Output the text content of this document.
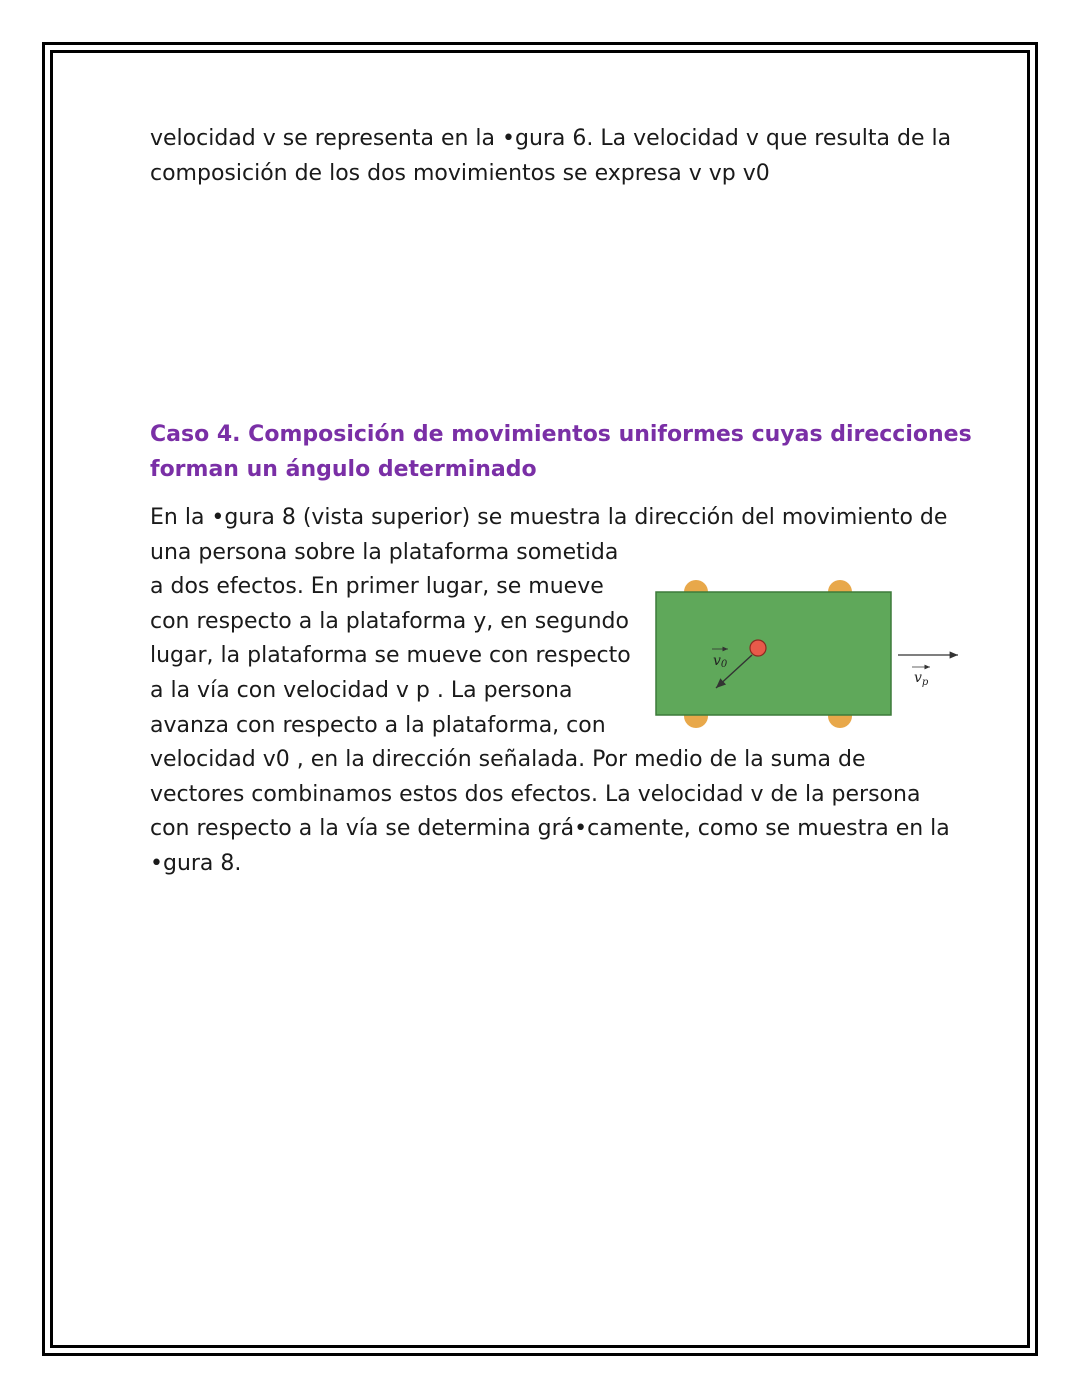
velocidad v se representa en la •gura 6. La velocidad v que resulta de la
composición de los dos movimientos se expresa v vp v0
Caso 4. Composición de movimientos uniformes cuyas direcciones
forman un ángulo determinado
En la •gura 8 (vista superior) se muestra la dirección del movimiento de
una persona sobre la plataforma sometida
a dos efectos. En primer lugar, se mueve
con respecto a la plataforma y, en segundo
lugar, la plataforma se mueve con respecto
a la vía con velocidad v p . La persona
avanza con respecto a la plataforma, con
velocidad v0 , en la dirección señalada. Por medio de la suma de
vectores combinamos estos dos efectos. La velocidad v de la persona
con respecto a la vía se determina grá•camente, como se muestra en la
•gura 8.
v0
$v_p$
